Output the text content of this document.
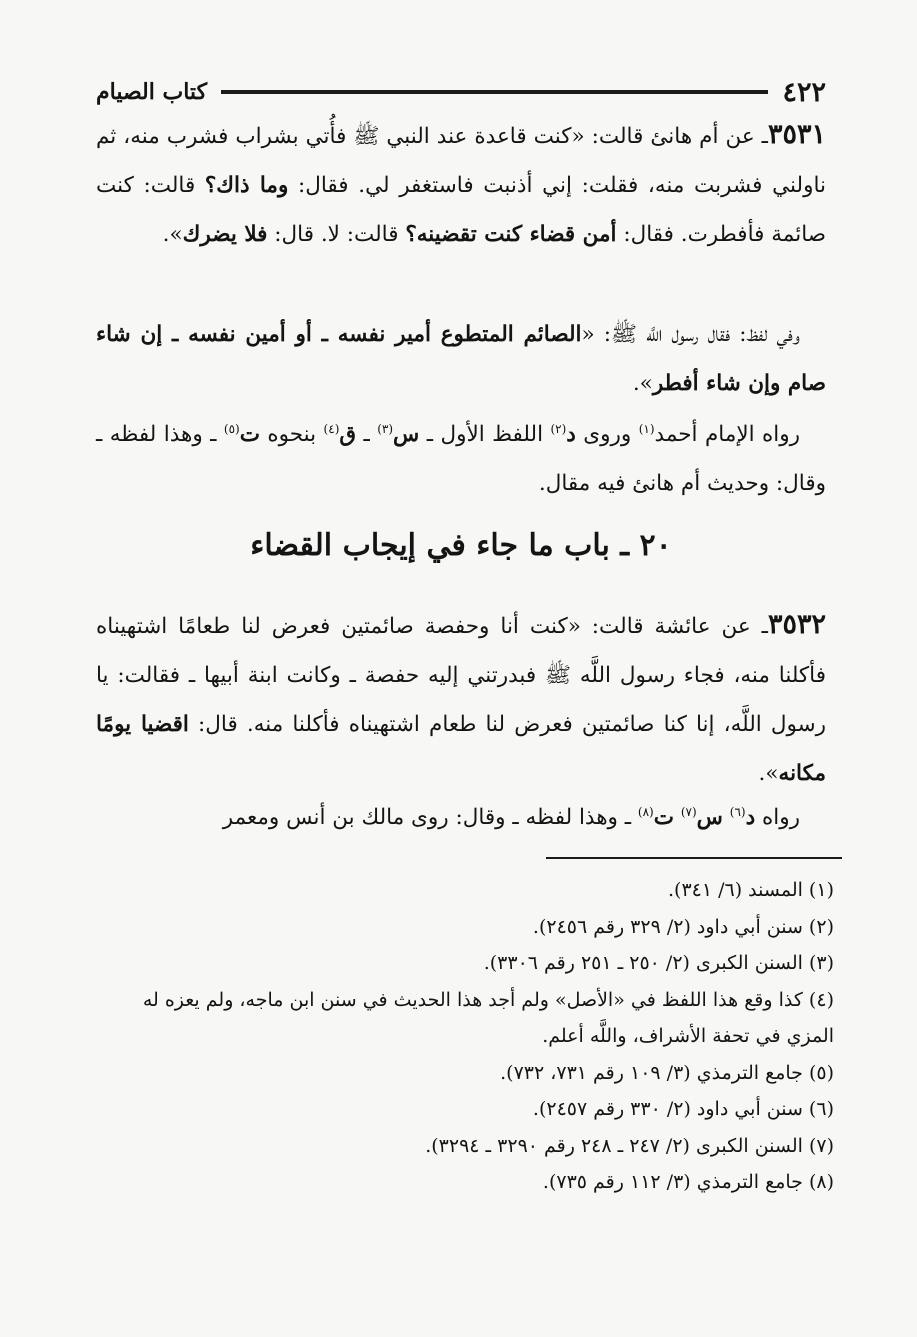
٤٢٢
كتاب الصيام

٣٥٣١ـ عن أم هانئ قالت: «كنت قاعدة عند النبي ﷺ فأُتي بشراب فشرب منه، ثم ناولني فشربت منه، فقلت: إني أذنبت فاستغفر لي. فقال: وما ذاك؟ قالت: كنت صائمة فأفطرت. فقال: أمن قضاء كنت تقضينه؟ قالت: لا. قال: فلا يضرك».

وفي لفظ: فقال رسول اللَّه ﷺ: «الصائم المتطوع أمير نفسه ـ أو أمين نفسه ـ إن شاء صام وإن شاء أفطر».

رواه الإمام أحمد$^{(١)}$ وروى د$^{(٢)}$ اللفظ الأول ـ س$^{(٣)}$ ـ ق$^{(٤)}$ بنحوه ت$^{(٥)}$ ـ وهذا لفظه ـ وقال: وحديث أم هانئ فيه مقال.

٢٠ ـ باب ما جاء في إيجاب القضاء

٣٥٣٢ـ عن عائشة قالت: «كنت أنا وحفصة صائمتين فعرض لنا طعامًا اشتهيناه فأكلنا منه، فجاء رسول اللَّه ﷺ فبدرتني إليه حفصة ـ وكانت ابنة أبيها ـ فقالت: يا رسول اللَّه، إنا كنا صائمتين فعرض لنا طعام اشتهيناه فأكلنا منه. قال: اقضيا يومًا مكانه».

رواه د$^{(٦)}$ س$^{(٧)}$ ت$^{(٨)}$ ـ وهذا لفظه ـ وقال: روى مالك بن أنس ومعمر

(١) المسند (٦/ ٣٤١).
(٢) سنن أبي داود (٢/ ٣٢٩ رقم ٢٤٥٦).
(٣) السنن الكبرى (٢/ ٢٥٠ ـ ٢٥١ رقم ٣٣٠٦).
(٤) كذا وقع هذا اللفظ في «الأصل» ولم أجد هذا الحديث في سنن ابن ماجه، ولم يعزه له المزي في تحفة الأشراف، واللَّه أعلم.
(٥) جامع الترمذي (٣/ ١٠٩ رقم ٧٣١، ٧٣٢).
(٦) سنن أبي داود (٢/ ٣٣٠ رقم ٢٤٥٧).
(٧) السنن الكبرى (٢/ ٢٤٧ ـ ٢٤٨ رقم ٣٢٩٠ ـ ٣٢٩٤).
(٨) جامع الترمذي (٣/ ١١٢ رقم ٧٣٥).
